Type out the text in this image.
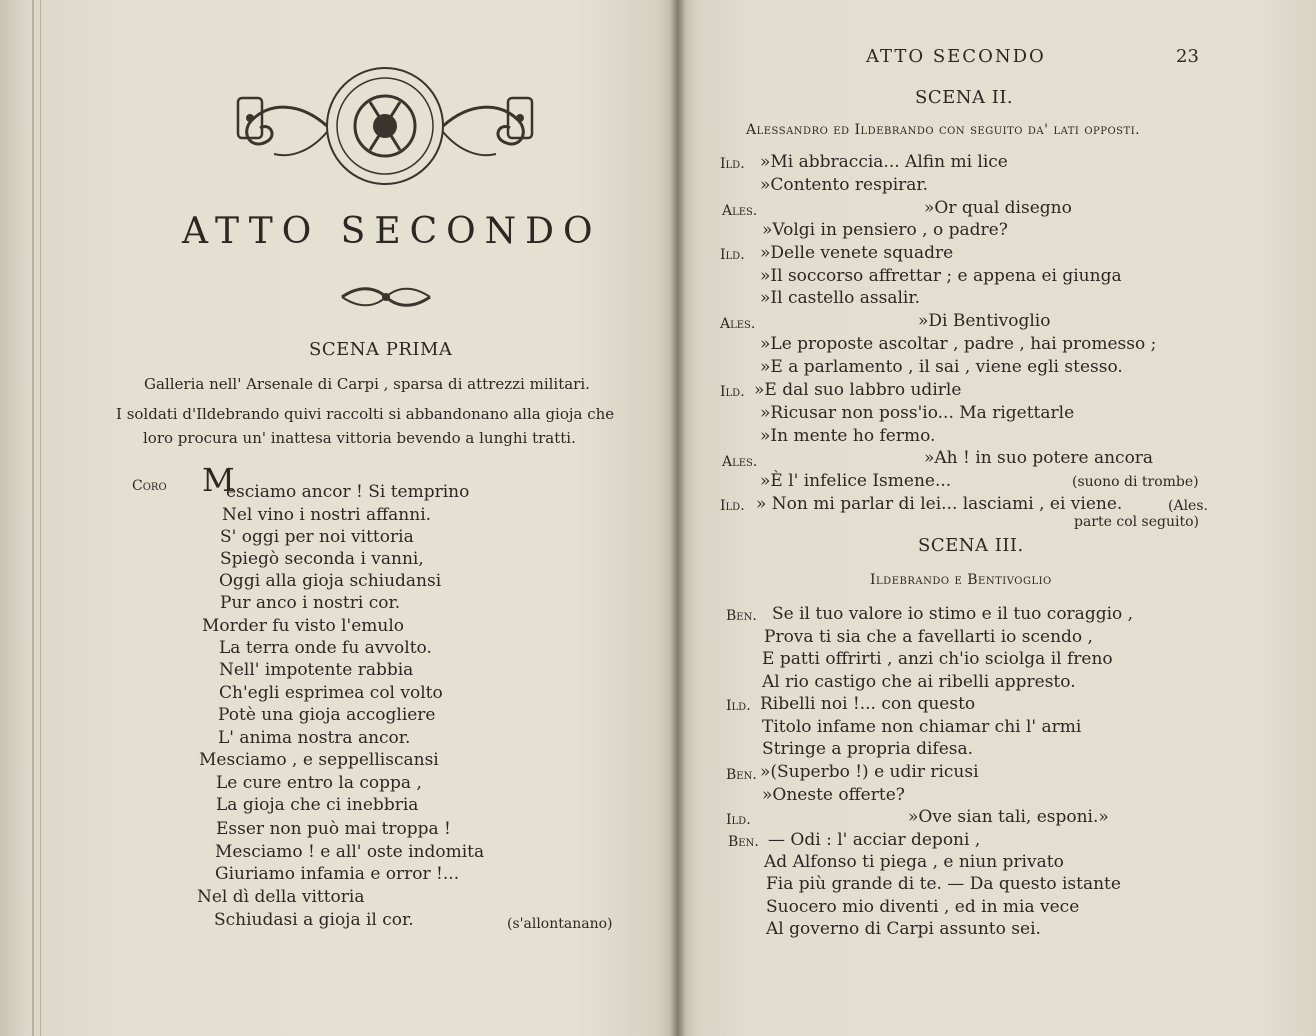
ATTO SECONDO
SCENA PRIMA
Galleria nell' Arsenale di Carpi , sparsa di attrezzi militari.
I soldati d'Ildebrando quivi raccolti si abbandonano alla gioja che
loro procura un' inattesa vittoria bevendo a lunghi tratti.
Coro M
esciamo ancor ! Si temprino
Nel vino i nostri affanni.
S' oggi per noi vittoria
Spiegò seconda i vanni,
Oggi alla gioja schiudansi
Pur anco i nostri cor.
Morder fu visto l'emulo
La terra onde fu avvolto.
Nell' impotente rabbia
Ch'egli esprimea col volto
Potè una gioja accogliere
L' anima nostra ancor.
Mesciamo , e seppelliscansi
Le cure entro la coppa ,
La gioja che ci inebbria
Esser non può mai troppa !
Mesciamo ! e all' oste indomita
Giuriamo infamia e orror !...
Nel dì della vittoria
Schiudasi a gioja il cor.	(s'allontanano)
ATTO SECONDO	23
SCENA II.
Alessandro ed Ildebrando con seguito da' lati opposti.
Ild. »Mi abbraccia... Alfin mi lice
»Contento respirar.
Ales.	»Or qual disegno
»Volgi in pensiero , o padre?
Ild. »Delle venete squadre
»Il soccorso affrettar ; e appena ei giunga
»Il castello assalir.
Ales.	»Di Bentivoglio
»Le proposte ascoltar , padre , hai promesso ;
»E a parlamento , il sai , viene egli stesso.
Ild. »E dal suo labbro udirle
»Ricusar non poss'io... Ma rigettarle
»In mente ho fermo.
Ales.	»Ah ! in suo potere ancora
»È l' infelice Ismene...
Ild. » Non mi parlar di lei... lasciami , ei viene.
(suono di trombe)
(Ales.
parte col seguito)
SCENA III.
Ildebrando e Bentivoglio
Ben. Se il tuo valore io stimo e il tuo coraggio ,
Prova ti sia che a favellarti io scendo ,
E patti offrirti , anzi ch'io sciolga il freno
Al rio castigo che ai ribelli appresto.
Ild. Ribelli noi !... con questo
Titolo infame non chiamar chi l' armi
Stringe a propria difesa.
Ben. »(Superbo !) e udir ricusi
»Oneste offerte?
Ild.	»Ove sian tali, esponi.»
Ben. — Odi : l' acciar deponi ,
Ad Alfonso ti piega , e niun privato
Fia più grande di te. — Da questo istante
Suocero mio diventi , ed in mia vece
Al governo di Carpi assunto sei.
